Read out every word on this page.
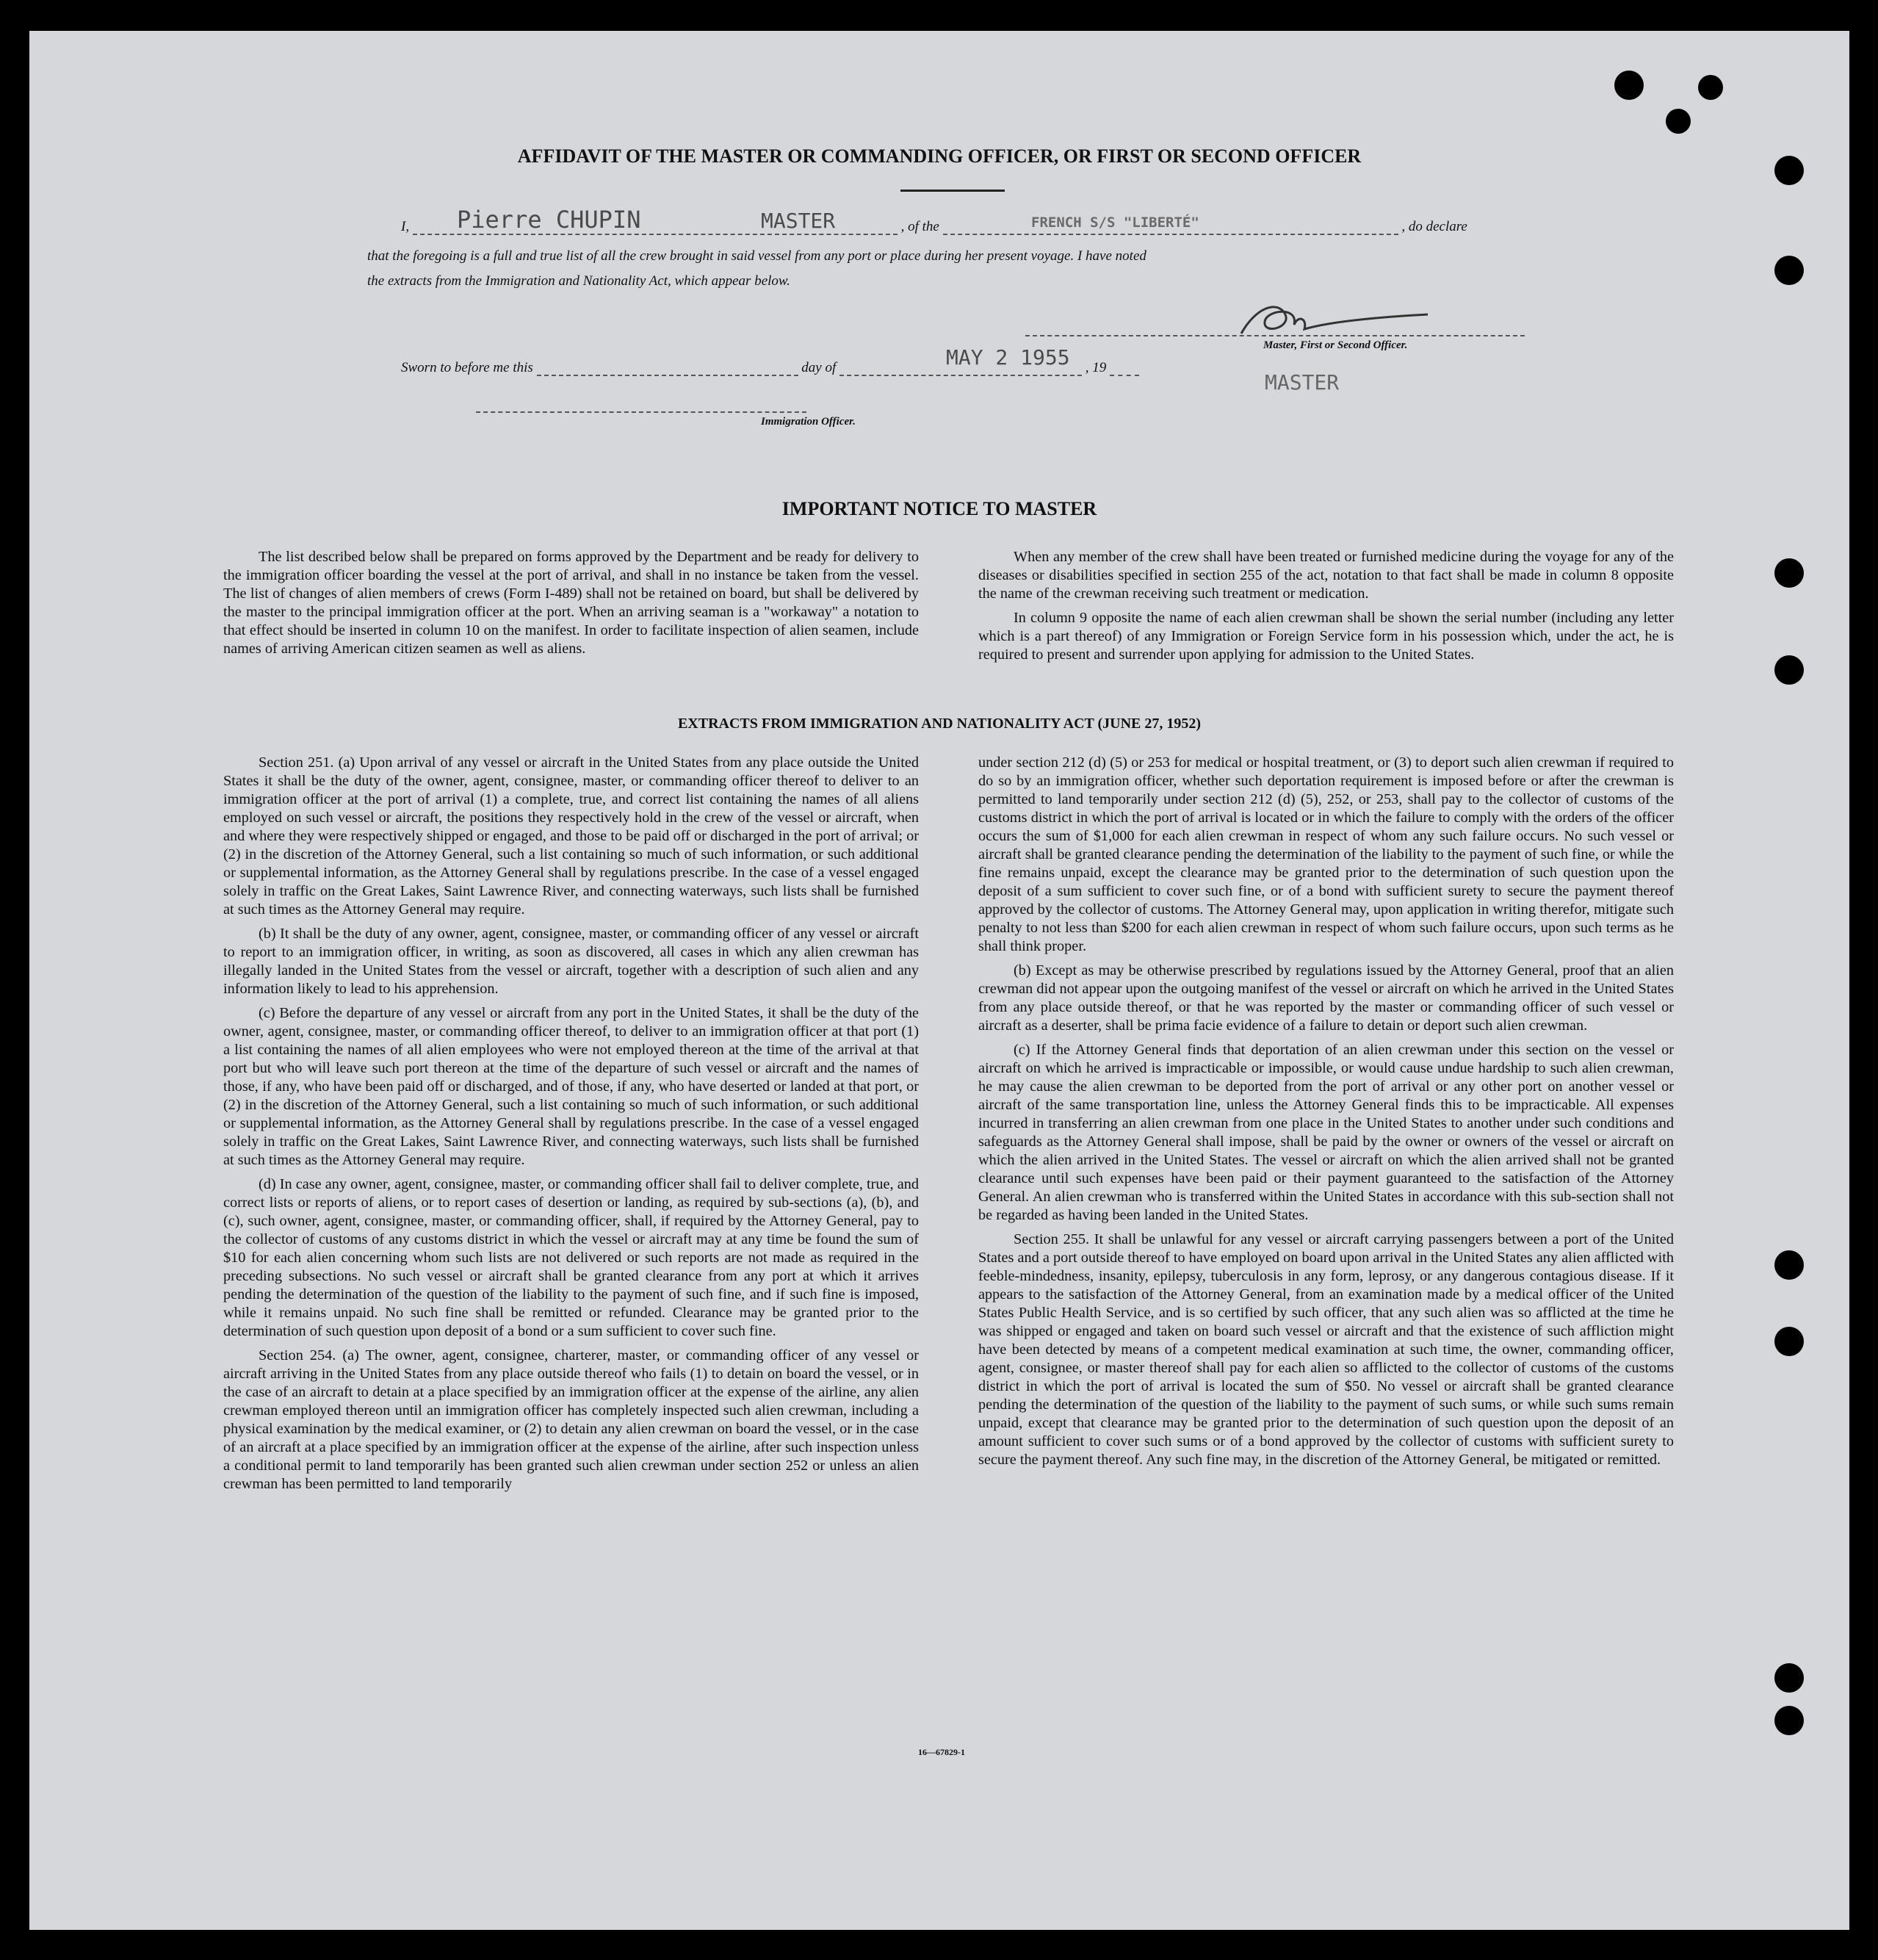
AFFIDAVIT OF THE MASTER OR COMMANDING OFFICER, OR FIRST OR SECOND OFFICER
I,	, of the	, do declare
Pierre CHUPIN	MASTER	FRENCH S/S "LIBERTÉ"
that the foregoing is a full and true list of all the crew brought in said vessel from any port or place during her present voyage. I have noted
the extracts from the Immigration and Nationality Act, which appear below.
Master, First or Second Officer.
Sworn to before me this	day of	, 19
MAY 2 1955
MASTER
Immigration Officer.
IMPORTANT NOTICE TO MASTER

The list described below shall be prepared on forms approved by the Department and be ready for delivery to the immigration officer boarding the vessel at the port of arrival, and shall in no instance be taken from the vessel. The list of changes of alien members of crews (Form I-489) shall not be retained on board, but shall be delivered by the master to the principal immigration officer at the port. When an arriving seaman is a "workaway" a notation to that effect should be inserted in column 10 on the manifest. In order to facilitate inspection of alien seamen, include names of arriving American citizen seamen as well as aliens.

When any member of the crew shall have been treated or furnished medicine during the voyage for any of the diseases or disabilities specified in section 255 of the act, notation to that fact shall be made in column 8 opposite the name of the crewman receiving such treatment or medication.

In column 9 opposite the name of each alien crewman shall be shown the serial number (including any letter which is a part thereof) of any Immigration or Foreign Service form in his possession which, under the act, he is required to present and surrender upon applying for admission to the United States.

EXTRACTS FROM IMMIGRATION AND NATIONALITY ACT (JUNE 27, 1952)

Section 251. (a) Upon arrival of any vessel or aircraft in the United States from any place outside the United States it shall be the duty of the owner, agent, consignee, master, or commanding officer thereof to deliver to an immigration officer at the port of arrival (1) a complete, true, and correct list containing the names of all aliens employed on such vessel or aircraft, the positions they respectively hold in the crew of the vessel or aircraft, when and where they were respectively shipped or engaged, and those to be paid off or discharged in the port of arrival; or (2) in the discretion of the Attorney General, such a list containing so much of such information, or such additional or supplemental information, as the Attorney General shall by regulations prescribe. In the case of a vessel engaged solely in traffic on the Great Lakes, Saint Lawrence River, and connecting waterways, such lists shall be furnished at such times as the Attorney General may require.

(b) It shall be the duty of any owner, agent, consignee, master, or commanding officer of any vessel or aircraft to report to an immigration officer, in writing, as soon as discovered, all cases in which any alien crewman has illegally landed in the United States from the vessel or aircraft, together with a description of such alien and any information likely to lead to his apprehension.

(c) Before the departure of any vessel or aircraft from any port in the United States, it shall be the duty of the owner, agent, consignee, master, or commanding officer thereof, to deliver to an immigration officer at that port (1) a list containing the names of all alien employees who were not employed thereon at the time of the arrival at that port but who will leave such port thereon at the time of the departure of such vessel or aircraft and the names of those, if any, who have been paid off or discharged, and of those, if any, who have deserted or landed at that port, or (2) in the discretion of the Attorney General, such a list containing so much of such information, or such additional or supplemental information, as the Attorney General shall by regulations prescribe. In the case of a vessel engaged solely in traffic on the Great Lakes, Saint Lawrence River, and connecting waterways, such lists shall be furnished at such times as the Attorney General may require.

(d) In case any owner, agent, consignee, master, or commanding officer shall fail to deliver complete, true, and correct lists or reports of aliens, or to report cases of desertion or landing, as required by sub-sections (a), (b), and (c), such owner, agent, consignee, master, or commanding officer, shall, if required by the Attorney General, pay to the collector of customs of any customs district in which the vessel or aircraft may at any time be found the sum of $10 for each alien concerning whom such lists are not delivered or such reports are not made as required in the preceding subsections. No such vessel or aircraft shall be granted clearance from any port at which it arrives pending the determination of the question of the liability to the payment of such fine, and if such fine is imposed, while it remains unpaid. No such fine shall be remitted or refunded. Clearance may be granted prior to the determination of such question upon deposit of a bond or a sum sufficient to cover such fine.

Section 254. (a) The owner, agent, consignee, charterer, master, or commanding officer of any vessel or aircraft arriving in the United States from any place outside thereof who fails (1) to detain on board the vessel, or in the case of an aircraft to detain at a place specified by an immigration officer at the expense of the airline, any alien crewman employed thereon until an immigration officer has completely inspected such alien crewman, including a physical examination by the medical examiner, or (2) to detain any alien crewman on board the vessel, or in the case of an aircraft at a place specified by an immigration officer at the expense of the airline, after such inspection unless a conditional permit to land temporarily has been granted such alien crewman under section 252 or unless an alien crewman has been permitted to land temporarily

under section 212 (d) (5) or 253 for medical or hospital treatment, or (3) to deport such alien crewman if required to do so by an immigration officer, whether such deportation requirement is imposed before or after the crewman is permitted to land temporarily under section 212 (d) (5), 252, or 253, shall pay to the collector of customs of the customs district in which the port of arrival is located or in which the failure to comply with the orders of the officer occurs the sum of $1,000 for each alien crewman in respect of whom any such failure occurs. No such vessel or aircraft shall be granted clearance pending the determination of the liability to the payment of such fine, or while the fine remains unpaid, except the clearance may be granted prior to the determination of such question upon the deposit of a sum sufficient to cover such fine, or of a bond with sufficient surety to secure the payment thereof approved by the collector of customs. The Attorney General may, upon application in writing therefor, mitigate such penalty to not less than $200 for each alien crewman in respect of whom such failure occurs, upon such terms as he shall think proper.

(b) Except as may be otherwise prescribed by regulations issued by the Attorney General, proof that an alien crewman did not appear upon the outgoing manifest of the vessel or aircraft on which he arrived in the United States from any place outside thereof, or that he was reported by the master or commanding officer of such vessel or aircraft as a deserter, shall be prima facie evidence of a failure to detain or deport such alien crewman.

(c) If the Attorney General finds that deportation of an alien crewman under this section on the vessel or aircraft on which he arrived is impracticable or impossible, or would cause undue hardship to such alien crewman, he may cause the alien crewman to be deported from the port of arrival or any other port on another vessel or aircraft of the same transportation line, unless the Attorney General finds this to be impracticable. All expenses incurred in transferring an alien crewman from one place in the United States to another under such conditions and safeguards as the Attorney General shall impose, shall be paid by the owner or owners of the vessel or aircraft on which the alien arrived in the United States. The vessel or aircraft on which the alien arrived shall not be granted clearance until such expenses have been paid or their payment guaranteed to the satisfaction of the Attorney General. An alien crewman who is transferred within the United States in accordance with this sub-section shall not be regarded as having been landed in the United States.

Section 255. It shall be unlawful for any vessel or aircraft carrying passengers between a port of the United States and a port outside thereof to have employed on board upon arrival in the United States any alien afflicted with feeble-mindedness, insanity, epilepsy, tuberculosis in any form, leprosy, or any dangerous contagious disease. If it appears to the satisfaction of the Attorney General, from an examination made by a medical officer of the United States Public Health Service, and is so certified by such officer, that any such alien was so afflicted at the time he was shipped or engaged and taken on board such vessel or aircraft and that the existence of such affliction might have been detected by means of a competent medical examination at such time, the owner, commanding officer, agent, consignee, or master thereof shall pay for each alien so afflicted to the collector of customs of the customs district in which the port of arrival is located the sum of $50. No vessel or aircraft shall be granted clearance pending the determination of the question of the liability to the payment of such sums, or while such sums remain unpaid, except that clearance may be granted prior to the determination of such question upon the deposit of an amount sufficient to cover such sums or of a bond approved by the collector of customs with sufficient surety to secure the payment thereof. Any such fine may, in the discretion of the Attorney General, be mitigated or remitted.

16—67829-1
